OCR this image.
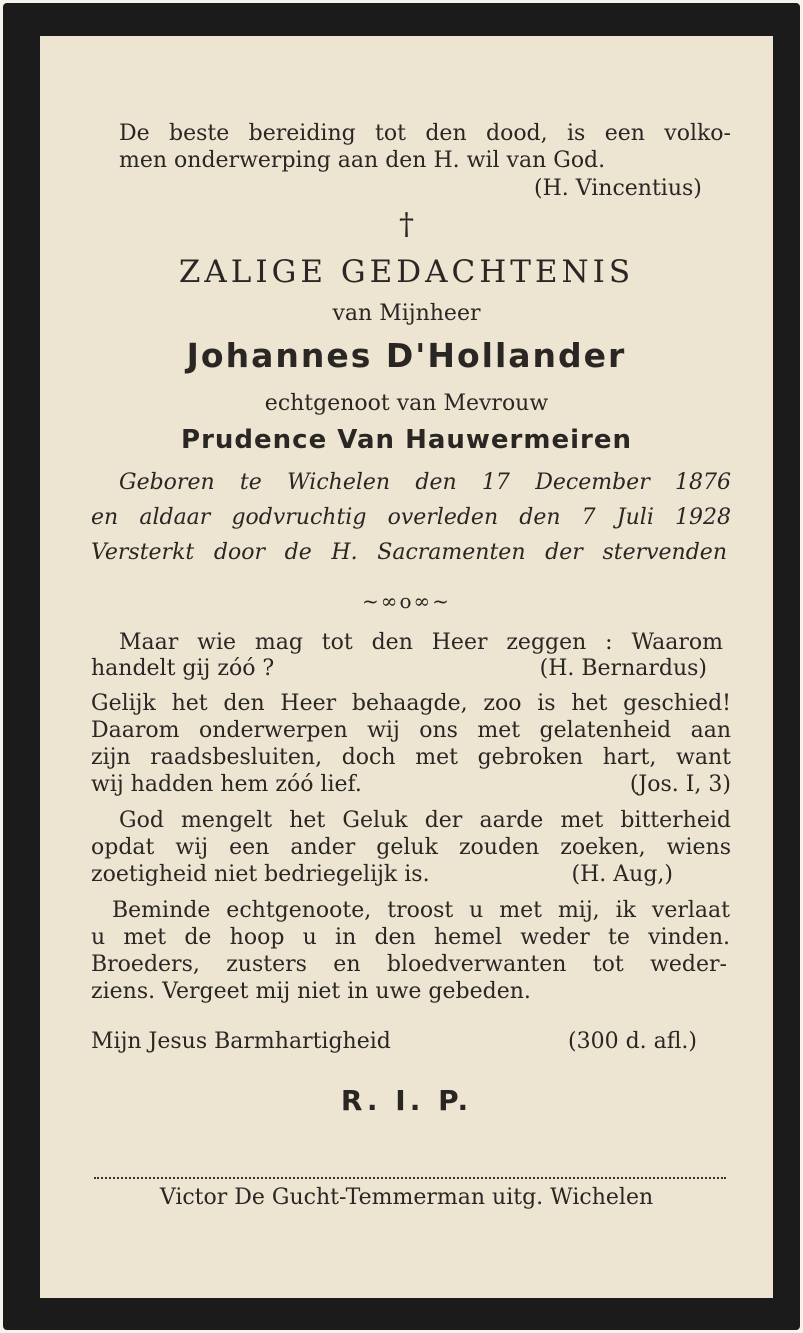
De beste bereiding tot den dood, is een volko-
men onderwerping aan den H. wil van God.
(H. Vincentius)
†
ZALIGE GEDACHTENIS
van Mijnheer
Johannes D'Hollander
echtgenoot van Mevrouw
Prudence Van Hauwermeiren
Geboren te Wichelen den 17 December 1876
en aldaar godvruchtig overleden den 7 Juli 1928
Versterkt door de H. Sacramenten der stervenden
~∞o∞~
Maar wie mag tot den Heer zeggen : Waarom
handelt gij zóó ?	(H. Bernardus)
Gelijk het den Heer behaagde, zoo is het geschied!
Daarom onderwerpen wij ons met gelatenheid aan
zijn raadsbesluiten, doch met gebroken hart, want
wij hadden hem zóó lief.	(Jos. I, 3)
God mengelt het Geluk der aarde met bitterheid
opdat wij een ander geluk zouden zoeken, wiens
zoetigheid niet bedriegelijk is.	(H. Aug,)
Beminde echtgenoote, troost u met mij, ik verlaat
u met de hoop u in den hemel weder te vinden.
Broeders, zusters en bloedverwanten tot weder-
ziens. Vergeet mij niet in uwe gebeden.
Mijn Jesus Barmhartigheid	(300 d. afl.)
R. I. P.
Victor De Gucht-Temmerman uitg. Wichelen
